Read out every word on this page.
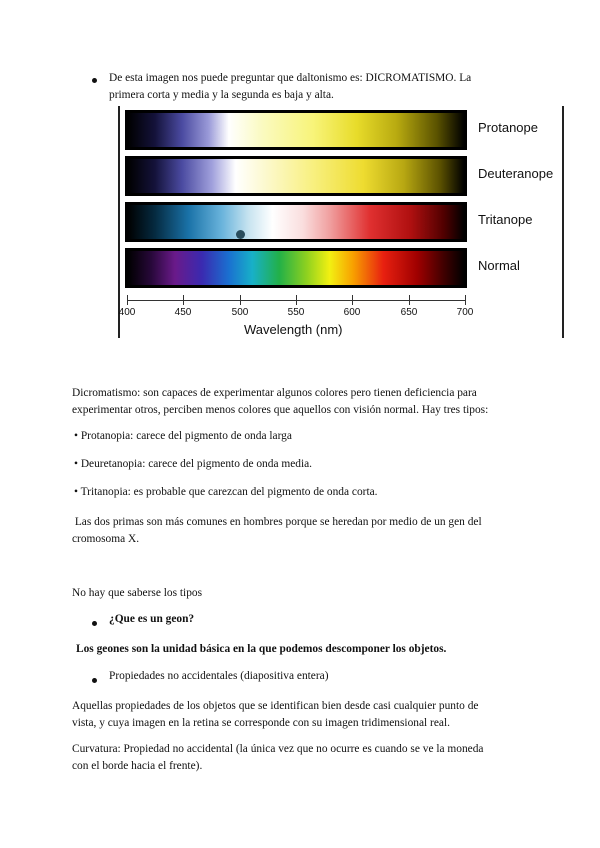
De esta imagen nos puede preguntar que daltonismo es: DICROMATISMO. La
primera corta y media y la segunda es baja y alta.
Protanope
Deuteranope
Tritanope
Normal
400	450	500	550	600	650	700
Wavelength (nm)
Dicromatismo: son capaces de experimentar algunos colores pero tienen deficiencia para
experimentar otros, perciben menos colores que aquellos con visión normal. Hay tres tipos:
• Protanopia: carece del pigmento de onda larga
• Deuretanopia: carece del pigmento de onda media.
• Tritanopia: es probable que carezcan del pigmento de onda corta.
Las dos primas son más comunes en hombres porque se heredan por medio de un gen del
cromosoma X.
No hay que saberse los tipos
¿Que es un geon?
Los geones son la unidad básica en la que podemos descomponer los objetos.
Propiedades no accidentales (diapositiva entera)
Aquellas propiedades de los objetos que se identifican bien desde casi cualquier punto de
vista, y cuya imagen en la retina se corresponde con su imagen tridimensional real.
Curvatura: Propiedad no accidental (la única vez que no ocurre es cuando se ve la moneda
con el borde hacia el frente).
